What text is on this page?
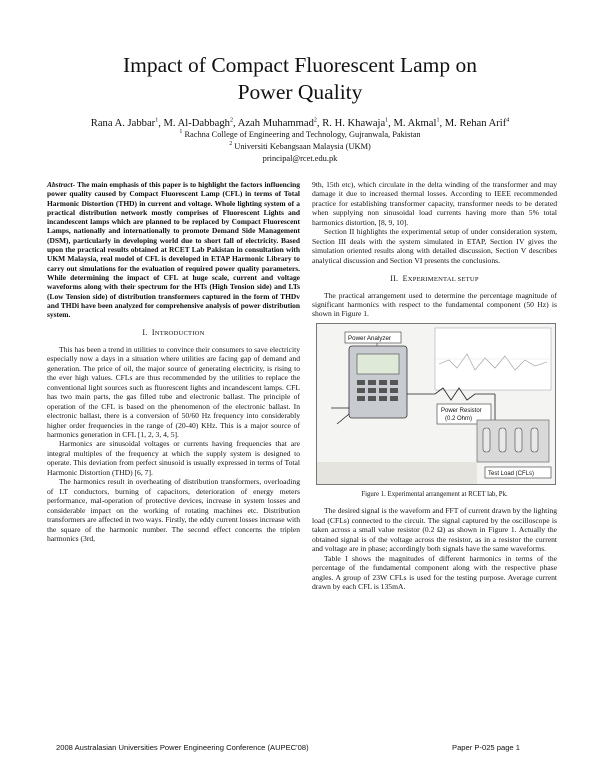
Impact of Compact Fluorescent Lamp on
Power Quality
Rana A. Jabbar$^1$, M. Al-Dabbagh$^2$, Azah Muhammad$^2$, R. H. Khawaja$^1$, M. Akmal$^1$, M. Rehan Arif$^4$
$^1$ Rachna College of Engineering and Technology, Gujranwala, Pakistan
$^2$ Universiti Kebangsaan Malaysia (UKM)
principal@rcet.edu.pk

Abstract- The main emphasis of this paper is to highlight the factors influencing power quality caused by Compact Fluorescent Lamp (CFL) in terms of Total Harmonic Distortion (THD) in current and voltage. Whole lighting system of a practical distribution network mostly comprises of Fluorescent Lights and incandescent lamps which are planned to be replaced by Compact Fluorescent Lamps, nationally and internationally to promote Demand Side Management (DSM), particularly in developing world due to short fall of electricity. Based upon the practical results obtained at RCET Lab Pakistan in consultation with UKM Malaysia, real model of CFL is developed in ETAP Harmonic Library to carry out simulations for the evaluation of required power quality parameters. While determining the impact of CFL at huge scale, current and voltage waveforms along with their spectrum for the HTs (High Tension side) and LTs (Low Tension side) of distribution transformers captured in the form of THDv and THDi have been analyzed for comprehensive analysis of power distribution system.

I. INTRODUCTION

This has been a trend in utilities to convince their consumers to save electricity especially now a days in a situation where utilities are facing gap of demand and generation. The price of oil, the major source of generating electricity, is rising to the ever high values. CFLs are thus recommended by the utilities to replace the conventional light sources such as fluorescent lights and incandescent lamps. CFL has two main parts, the gas filled tube and electronic ballast. The principle of operation of the CFL is based on the phenomenon of the electronic ballast. In electronic ballast, there is a conversion of 50/60 Hz frequency into considerably higher order frequencies in the range of (20-40) KHz. This is a major source of harmonics generation in CFL [1, 2, 3, 4, 5].

Harmonics are sinusoidal voltages or currents having frequencies that are integral multiples of the frequency at which the supply system is designed to operate. This deviation from perfect sinusoid is usually expressed in terms of Total Harmonic Distortion (THD) [6, 7].

The harmonics result in overheating of distribution transformers, overloading of LT conductors, burning of capacitors, deterioration of energy meters performance, mal-operation of protective devices, increase in system losses and considerable impact on the working of rotating machines etc. Distribution transformers are affected in two ways. Firstly, the eddy current losses increase with the square of the harmonic number. The second effect concerns the triplen harmonics (3rd,

9th, 15th etc), which circulate in the delta winding of the transformer and may damage it due to increased thermal losses. According to IEEE recommended practice for establishing transformer capacity, transformer needs to be derated when supplying non sinusoidal load currents having more than 5% total harmonics distortion, [8, 9, 10].

Section II highlights the experimental setup of under consideration system, Section III deals with the system simulated in ETAP, Section IV gives the simulation oriented results along with detailed discussion, Section V describes analytical discussion and Section VI presents the conclusions.

II. EXPERIMENTAL SETUP

The practical arrangement used to determine the percentage magnitude of significant harmonics with respect to the fundamental component (50 Hz) is shown in Figure 1.

Power Analyzer
Power Resistor
(0.2 Ohm)
Test Load (CFLs)
Figure 1. Experimental arrangement at RCET lab, Pk.

The desired signal is the waveform and FFT of current drawn by the lighting load (CFLs) connected to the circuit. The signal captured by the oscilloscope is taken across a small value resistor (0.2 Ω) as shown in Figure 1. Actually the obtained signal is of the voltage across the resistor, as in a resistor the current and voltage are in phase; accordingly both signals have the same waveforms.

Table I shows the magnitudes of different harmonics in terms of the percentage of the fundamental component along with the respective phase angles. A group of 23W CFLs is used for the testing purpose. Average current drawn by each CFL is 135mA.

2008 Australasian Universities Power Engineering Conference (AUPEC'08)	Paper P-025 page 1
